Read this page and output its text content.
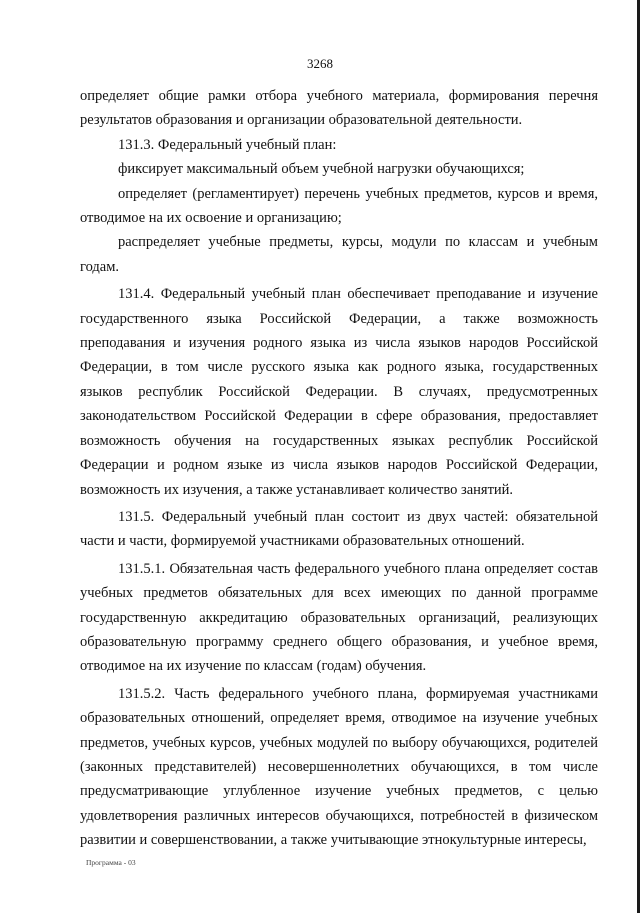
3268

определяет общие рамки отбора учебного материала, формирования перечня результатов образования и организации образовательной деятельности.

131.3. Федеральный учебный план:

фиксирует максимальный объем учебной нагрузки обучающихся;

определяет (регламентирует) перечень учебных предметов, курсов и время, отводимое на их освоение и организацию;

распределяет учебные предметы, курсы, модули по классам и учебным годам.

131.4. Федеральный учебный план обеспечивает преподавание и изучение государственного языка Российской Федерации, а также возможность преподавания и изучения родного языка из числа языков народов Российской Федерации, в том числе русского языка как родного языка, государственных языков республик Российской Федерации. В случаях, предусмотренных законодательством Российской Федерации в сфере образования, предоставляет возможность обучения на государственных языках республик Российской Федерации и родном языке из числа языков народов Российской Федерации, возможность их изучения, а также устанавливает количество занятий.

131.5. Федеральный учебный план состоит из двух частей: обязательной части и части, формируемой участниками образовательных отношений.

131.5.1. Обязательная часть федерального учебного плана определяет состав учебных предметов обязательных для всех имеющих по данной программе государственную аккредитацию образовательных организаций, реализующих образовательную программу среднего общего образования, и учебное время, отводимое на их изучение по классам (годам) обучения.

131.5.2. Часть федерального учебного плана, формируемая участниками образовательных отношений, определяет время, отводимое на изучение учебных предметов, учебных курсов, учебных модулей по выбору обучающихся, родителей (законных представителей) несовершеннолетних обучающихся, в том числе предусматривающие углубленное изучение учебных предметов, с целью удовлетворения различных интересов обучающихся, потребностей в физическом развитии и совершенствовании, а также учитывающие этнокультурные интересы,

Программа - 03
